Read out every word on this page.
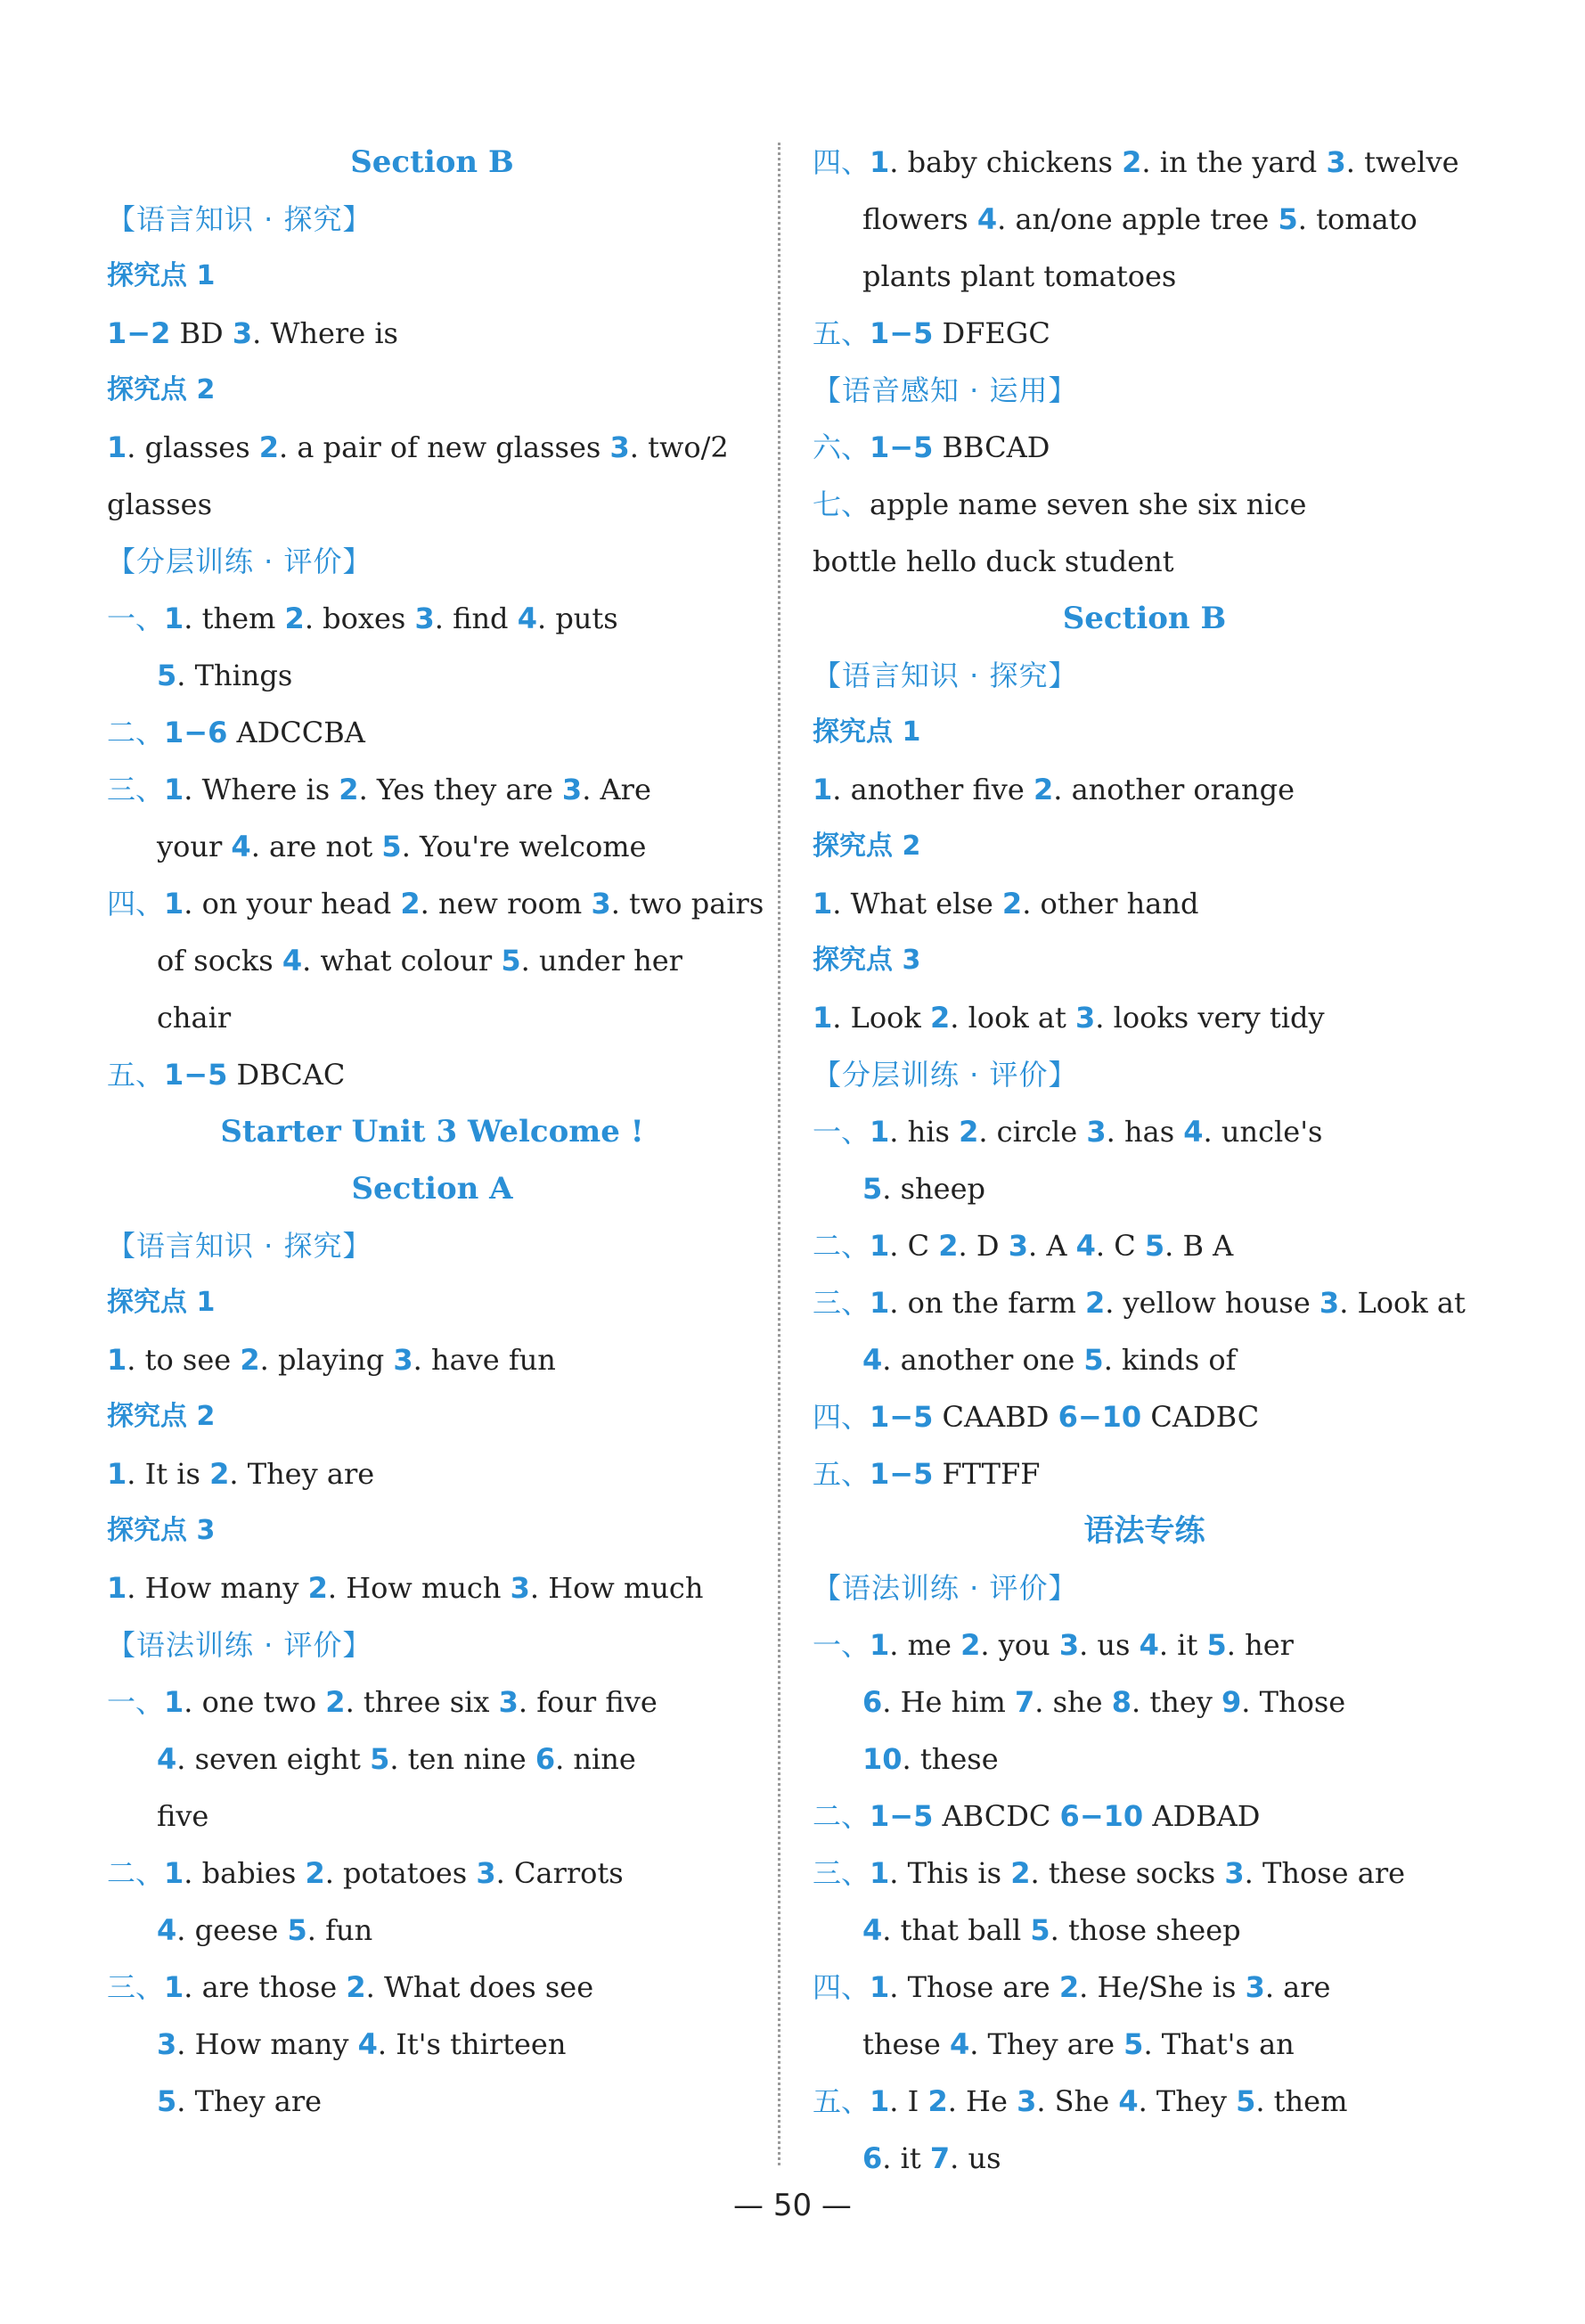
Section B
【语言知识 · 探究】
探究点 1
1−2 BD 3. Where is
探究点 2
1. glasses 2. a pair of new glasses 3. two/2
glasses
【分层训练 · 评价】
一、1. them 2. boxes 3. find 4. puts
5. Things
二、1−6 ADCCBA
三、1. Where is 2. Yes they are 3. Are
your 4. are not 5. You're welcome
四、1. on your head 2. new room 3. two pairs
of socks 4. what colour 5. under her
chair
五、1−5 DBCAC
Starter Unit 3 Welcome !
Section A
【语言知识 · 探究】
探究点 1
1. to see 2. playing 3. have fun
探究点 2
1. It is 2. They are
探究点 3
1. How many 2. How much 3. How much
【语法训练 · 评价】
一、1. one two 2. three six 3. four five
4. seven eight 5. ten nine 6. nine
five
二、1. babies 2. potatoes 3. Carrots
4. geese 5. fun
三、1. are those 2. What does see
3. How many 4. It's thirteen
5. They are
四、1. baby chickens 2. in the yard 3. twelve
flowers 4. an/one apple tree 5. tomato
plants plant tomatoes
五、1−5 DFEGC
【语音感知 · 运用】
六、1−5 BBCAD
七、apple name seven she six nice
bottle hello duck student
Section B
【语言知识 · 探究】
探究点 1
1. another five 2. another orange
探究点 2
1. What else 2. other hand
探究点 3
1. Look 2. look at 3. looks very tidy
【分层训练 · 评价】
一、1. his 2. circle 3. has 4. uncle's
5. sheep
二、1. C 2. D 3. A 4. C 5. B A
三、1. on the farm 2. yellow house 3. Look at
4. another one 5. kinds of
四、1−5 CAABD 6−10 CADBC
五、1−5 FTTFF
语法专练
【语法训练 · 评价】
一、1. me 2. you 3. us 4. it 5. her
6. He him 7. she 8. they 9. Those
10. these
二、1−5 ABCDC 6−10 ADBAD
三、1. This is 2. these socks 3. Those are
4. that ball 5. those sheep
四、1. Those are 2. He/She is 3. are
these 4. They are 5. That's an
五、1. I 2. He 3. She 4. They 5. them
6. it 7. us
— 50 —
